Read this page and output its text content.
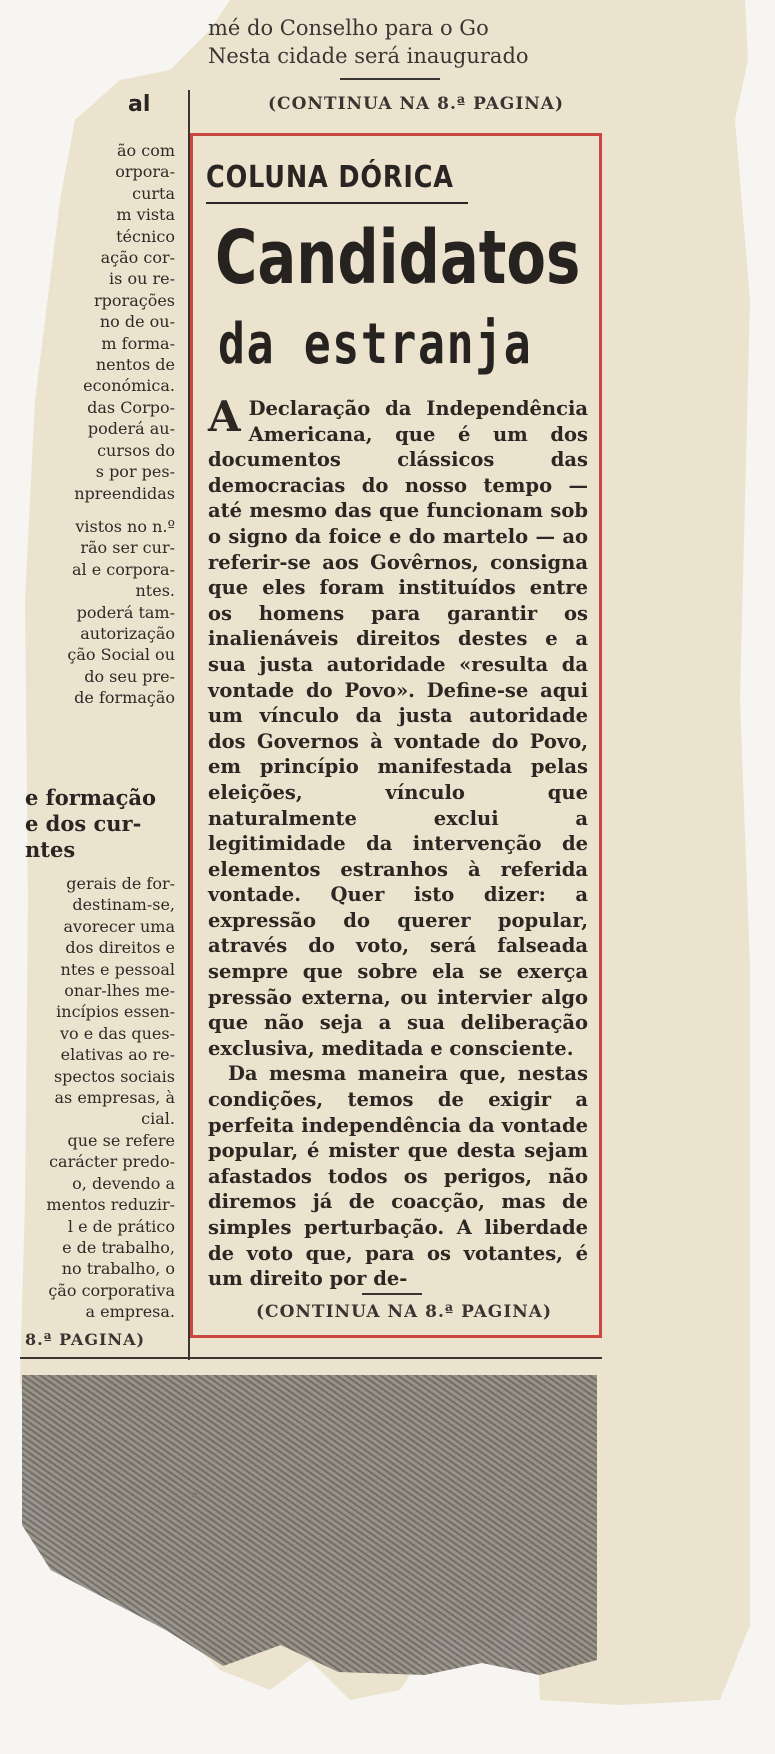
mé do Conselho para o Go
Nesta cidade será inaugurado
(CONTINUA NA 8.ª PAGINA)
al
ão com
orpora-
curta
m vista
técnico
ação cor-
is ou re-
rporações
no de ou-
m forma-
nentos de
económica.
das Corpo-
poderá au-
cursos do
s por pes-
npreendidas
vistos no n.º
rão ser cur-
al e corpora-
ntes.
poderá tam-
autorização
ção Social ou
do seu pre-
de formação
e formação
e dos cur-
ntes
gerais de for-
destinam-se,
avorecer uma
dos direitos e
ntes e pessoal
onar-lhes me-
incípios essen-
vo e das ques-
elativas ao re-
spectos sociais
as empresas, à
cial.
que se refere
carácter predo-
o, devendo a
mentos reduzir-
l e de prático
e de trabalho,
no trabalho, o
ção corporativa
a empresa.
8.ª PAGINA)
COLUNA DÓRICA
Candidatos
da estranja

A Declaração da Independência Americana, que é um dos documentos clássicos das democracias do nosso tempo — até mesmo das que funcionam sob o signo da foice e do martelo — ao referir-se aos Govêrnos, consigna que eles foram instituídos entre os homens para garantir os inalienáveis direitos destes e a sua justa autoridade «resulta da vontade do Povo». Define-se aqui um vínculo da justa autoridade dos Governos à vontade do Povo, em princípio manifestada pelas eleições, vínculo que naturalmente exclui a legitimidade da intervenção de elementos estranhos à referida vontade. Quer isto dizer: a expressão do querer popular, através do voto, será falseada sempre que sobre ela se exerça pressão externa, ou intervier algo que não seja a sua deliberação exclusiva, meditada e consciente.

Da mesma maneira que, nestas condições, temos de exigir a perfeita independência da vontade popular, é mister que desta sejam afastados todos os perigos, não diremos já de coacção, mas de simples perturbação. A liberdade de voto que, para os votantes, é um direito por de-

(CONTINUA NA 8.ª PAGINA)
